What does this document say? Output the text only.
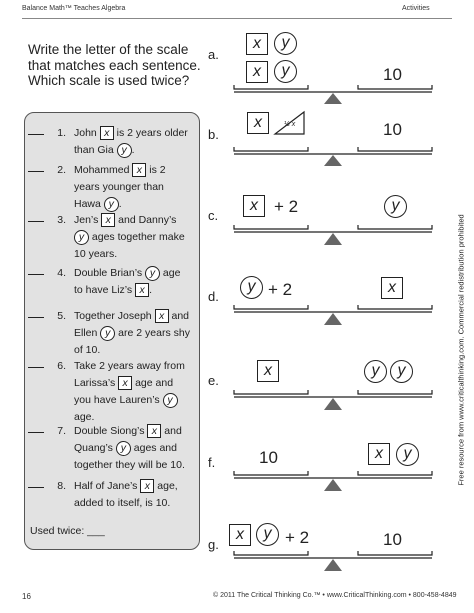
Balance Math™ Teaches Algebra	Activities
Write the letter of the scale
that matches each sentence.
Which scale is used twice?
1. John x is 2 years older
than Gia y .
2. Mohammed x is 2
years younger than
Hawa y .
3. Jen’s x and Danny’s
y ages together make
10 years.
4. Double Brian’s y age
to have Liz’s x .
5. Together Joseph x and
Ellen y are 2 years shy
of 10.
6. Take 2 years away from
Larissa’s x age and
you have Lauren’s y
age.
7. Double Siong’s x and
Quang’s y ages and
together they will be 10.
8. Half of Jane’s x age,
added to itself, is 10.
Used twice: ___
a.
b.
c.
d.
e.
f.
g.
x	y
x	y	10
x	½ x	10
x + 2	y
y + 2	x
x	y	y
10	x	y
x	y + 2	10
Free resource from www.criticalthinking.com. Commercial redistribution prohibited
16	© 2011 The Critical Thinking Co.™ • www.CriticalThinking.com • 800-458-4849
